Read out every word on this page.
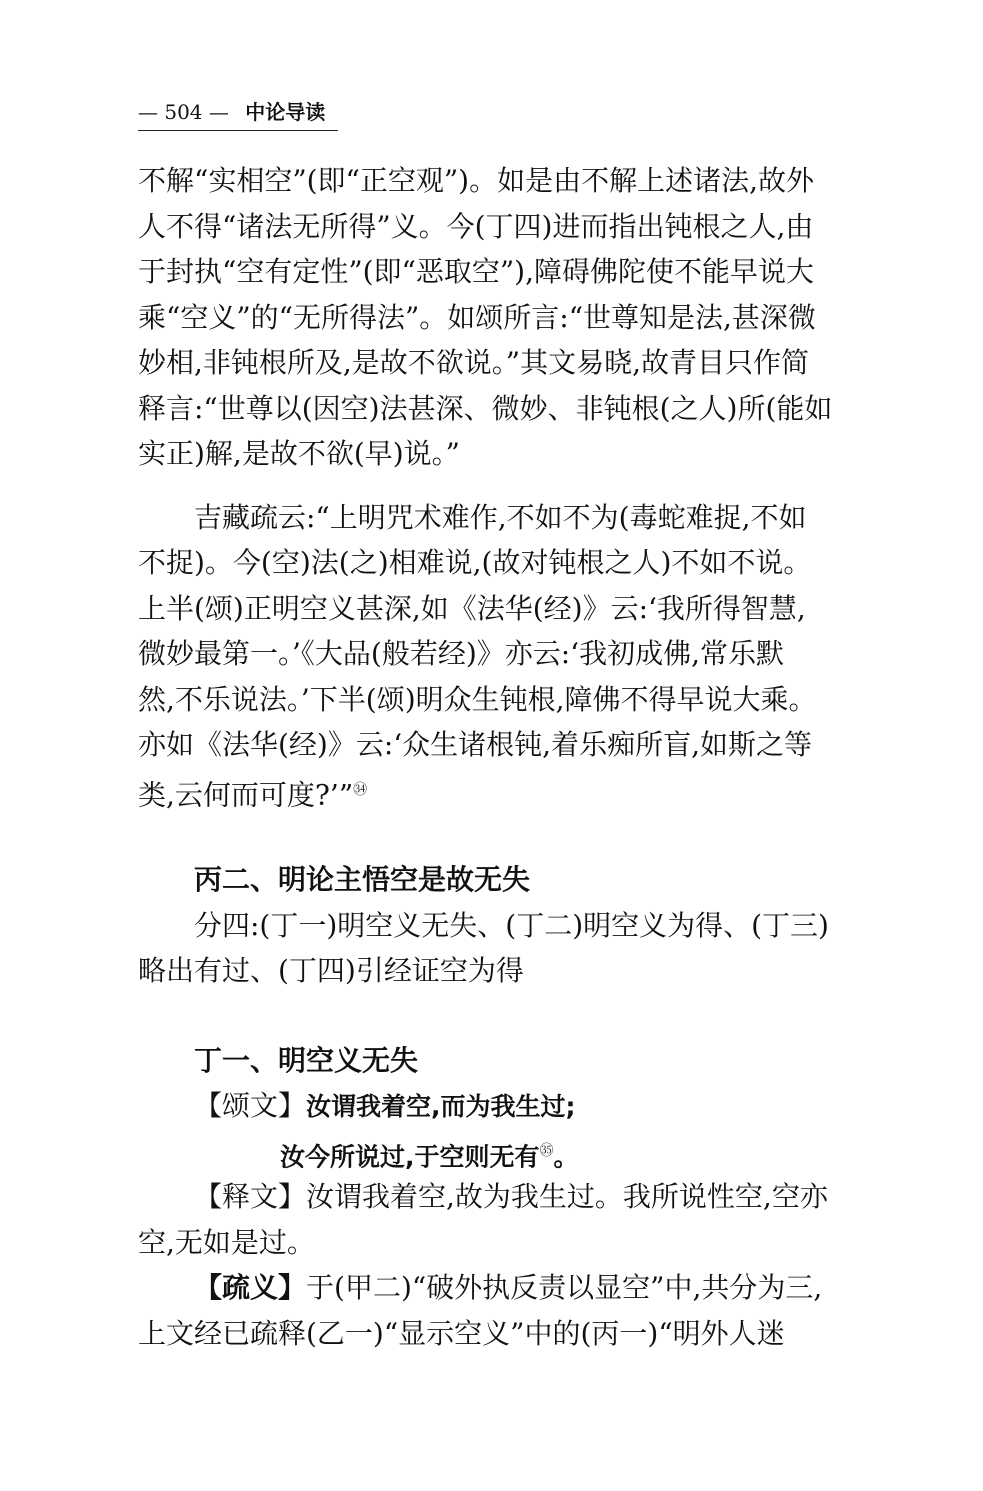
— 504 — 中论导读
不解“实相空”(即“正空观”)。如是由不解上述诸法,故外
人不得“诸法无所得”义。今(丁四)进而指出钝根之人,由
于封执“空有定性”(即“恶取空”),障碍佛陀使不能早说大
乘“空义”的“无所得法”。如颂所言:“世尊知是法,甚深微
妙相,非钝根所及,是故不欲说。”其文易晓,故青目只作简
释言:“世尊以(因空)法甚深、微妙、非钝根(之人)所(能如
实正)解,是故不欲(早)说。”
吉藏疏云:“上明咒术难作,不如不为(毒蛇难捉,不如
不捉)。今(空)法(之)相难说,(故对钝根之人)不如不说。
上半(颂)正明空义甚深,如《法华(经)》云:‘我所得智慧,
微妙最第一。’《大品(般若经)》亦云:‘我初成佛,常乐默
然,不乐说法。’下半(颂)明众生钝根,障佛不得早说大乘。
亦如《法华(经)》云:‘众生诸根钝,着乐痴所盲,如斯之等
类,云何而可度?’”$^㉞$
丙二、明论主悟空是故无失
分四:(丁一)明空义无失、(丁二)明空义为得、(丁三)
略出有过、(丁四)引经证空为得
丁一、明空义无失
【颂文】汝谓我着空,而为我生过;
汝今所说过,于空则无有$^㉟$。
【释文】汝谓我着空,故为我生过。我所说性空,空亦
空,无如是过。
【疏义】于(甲二)“破外执反责以显空”中,共分为三,
上文经已疏释(乙一)“显示空义”中的(丙一)“明外人迷
